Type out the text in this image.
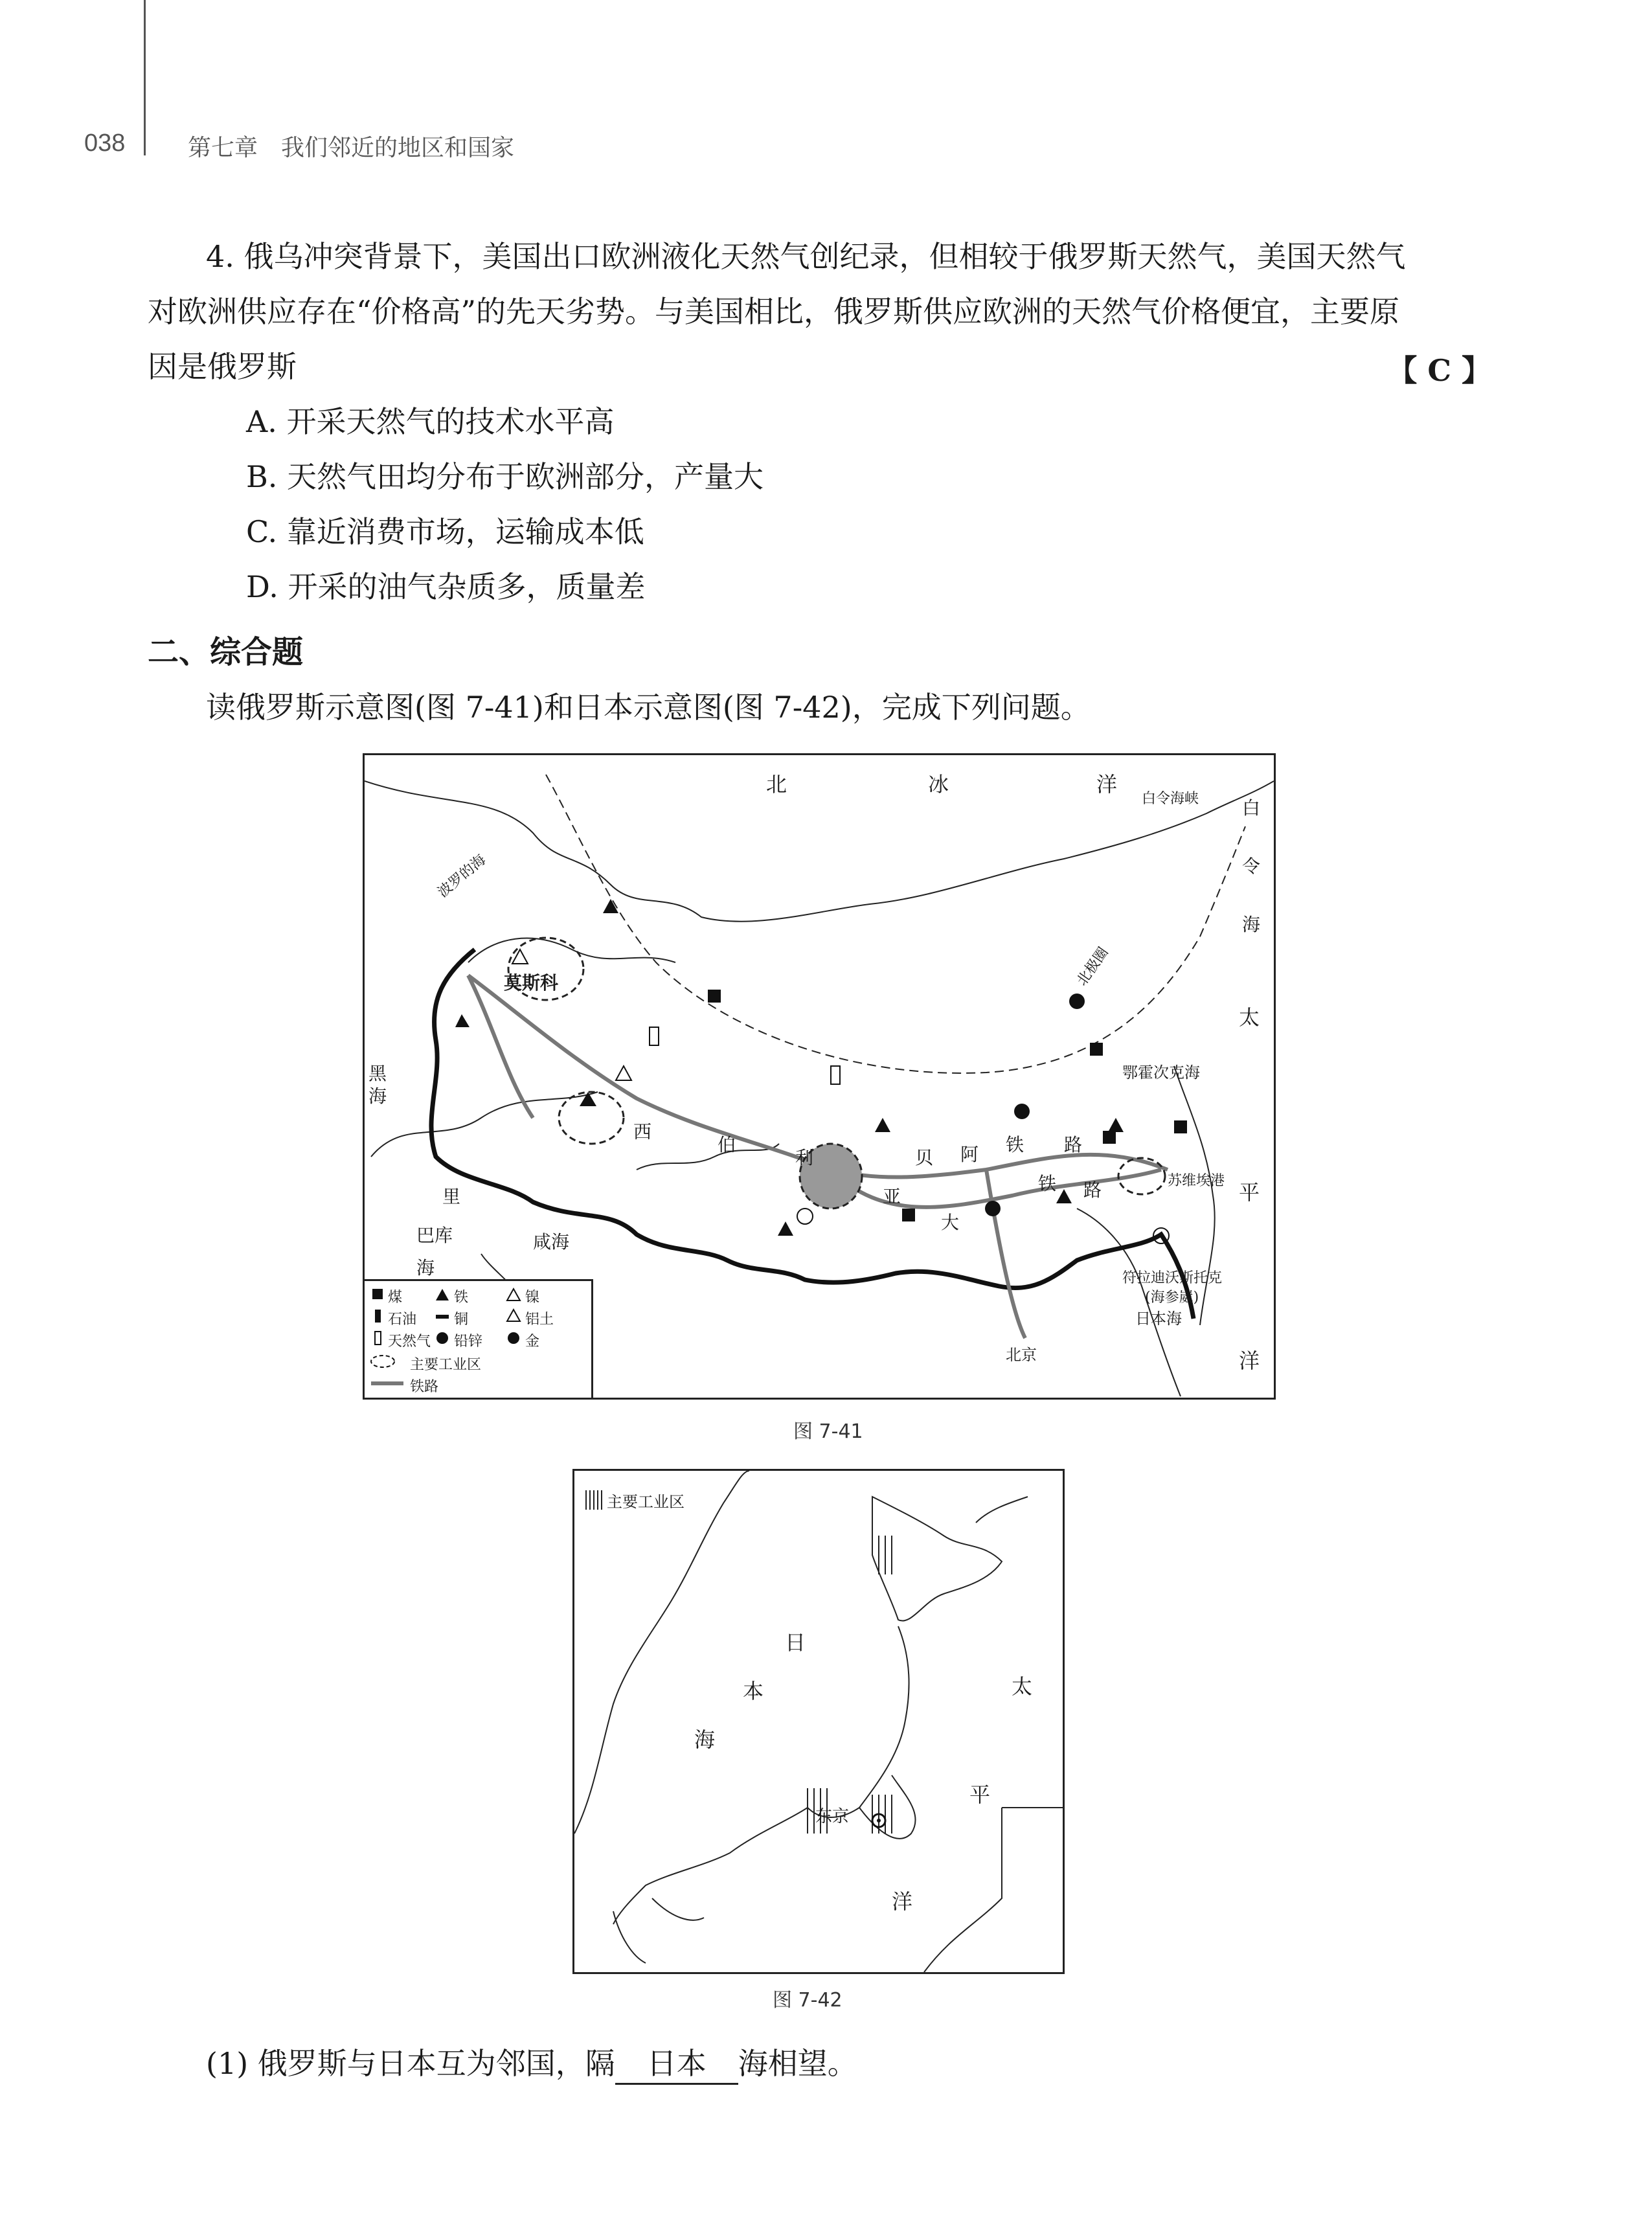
038	第七章　我们邻近的地区和国家
4. 俄乌冲突背景下，美国出口欧洲液化天然气创纪录，但相较于俄罗斯天然气，美国天然气
对欧洲供应存在“价格高”的先天劣势。与美国相比，俄罗斯供应欧洲的天然气价格便宜，主要原
因是俄罗斯	【 C 】
A. 开采天然气的技术水平高
B. 天然气田均分布于欧洲部分，产量大
C. 靠近消费市场，运输成本低
D. 开采的油气杂质多，质量差
二、综合题
读俄罗斯示意图(图 7-41)和日本示意图(图 7-42)，完成下列问题。
北	冰	洋
白令海峡 白
令
海
太
平
洋
莫斯科
波罗的海
黑
海
里
巴库
海
咸海
西
伯
利
亚
大
贝 阿 铁 路
铁 路
北极圈
鄂霍次克海
苏维埃港
符拉迪沃斯托克
(海参崴)
日本海
北京
煤	铁	镍
石油	铜	铝土
天然气 铅锌	金
主要工业区
铁路
图 7-41
主要工业区
日
本
海
太
平
洋
东京
图 7-42
(1) 俄罗斯与日本互为邻国，隔 日本 海相望。
